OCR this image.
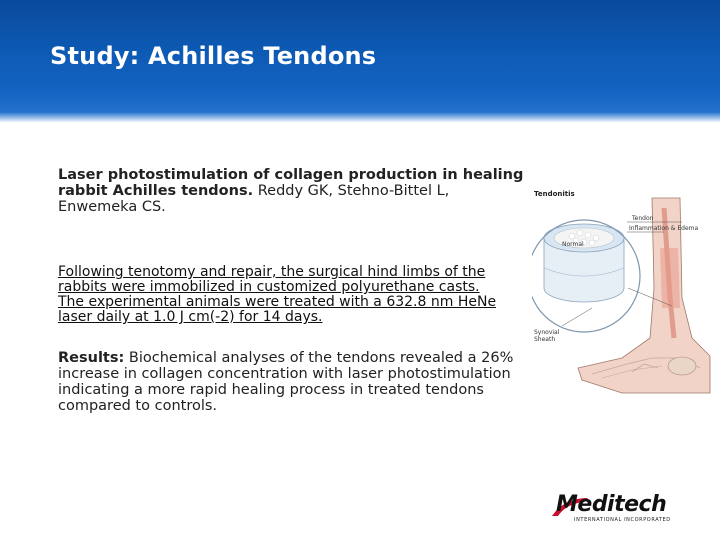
Study: Achilles Tendons
Laser photostimulation of collagen production in healing rabbit Achilles tendons. Reddy GK, Stehno-Bittel L, Enwemeka CS.
Following tenotomy and repair, the surgical hind limbs of the rabbits were immobilized in customized polyurethane casts. The experimental animals were treated with a 632.8 nm HeNe laser daily at 1.0 J cm(-2) for 14 days.
Results: Biochemical analyses of the tendons revealed a 26% increase in collagen concentration with laser photostimulation indicating a more rapid healing process in treated tendons compared to controls.
Tendonitis
Tendon
Inflammation & Edema
Normal
Synovial
Sheath
Meditech
INTERNATIONAL INCORPORATED
